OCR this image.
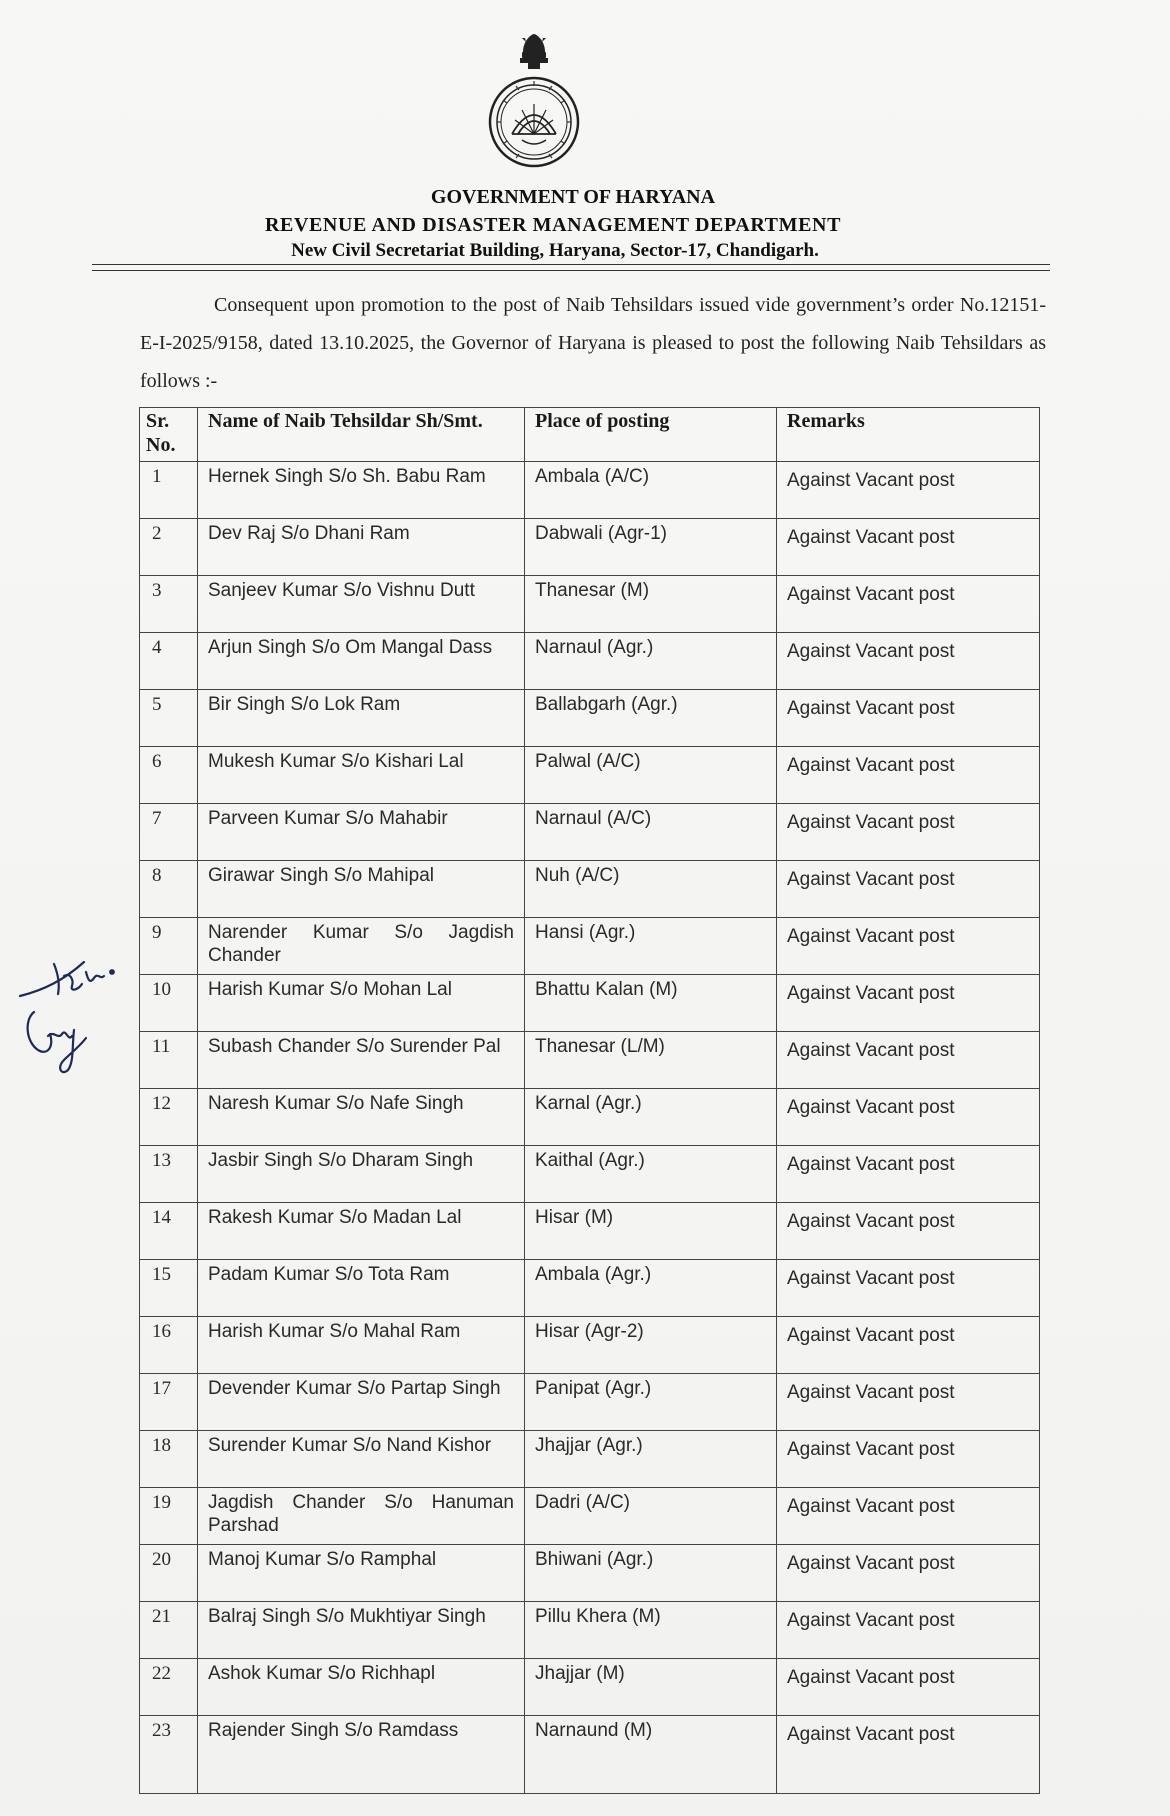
GOVERNMENT OF HARYANA
REVENUE AND DISASTER MANAGEMENT DEPARTMENT
New Civil Secretariat Building, Haryana, Sector-17, Chandigarh.
Consequent upon promotion to the post of Naib Tehsildars issued vide government’s order No.12151-E-I-2025/9158, dated 13.10.2025, the Governor of Haryana is pleased to post the following Naib Tehsildars as follows :-
Sr. No.	Name of Naib Tehsildar Sh/Smt.	Place of posting	Remarks
1	Hernek Singh S/o Sh. Babu Ram	Ambala (A/C)	Against Vacant post
2	Dev Raj S/o Dhani Ram	Dabwali (Agr-1)	Against Vacant post
3	Sanjeev Kumar S/o Vishnu Dutt	Thanesar (M)	Against Vacant post
4	Arjun Singh S/o Om Mangal Dass	Narnaul (Agr.)	Against Vacant post
5	Bir Singh S/o Lok Ram	Ballabgarh (Agr.)	Against Vacant post
6	Mukesh Kumar S/o Kishari Lal	Palwal (A/C)	Against Vacant post
7	Parveen Kumar S/o Mahabir	Narnaul (A/C)	Against Vacant post
8	Girawar Singh S/o Mahipal	Nuh (A/C)	Against Vacant post
9	Narender Kumar S/o Jagdish Chander	Hansi (Agr.)	Against Vacant post
10	Harish Kumar S/o Mohan Lal	Bhattu Kalan (M)	Against Vacant post
11	Subash Chander S/o Surender Pal	Thanesar (L/M)	Against Vacant post
12	Naresh Kumar S/o Nafe Singh	Karnal (Agr.)	Against Vacant post
13	Jasbir Singh S/o Dharam Singh	Kaithal (Agr.)	Against Vacant post
14	Rakesh Kumar S/o Madan Lal	Hisar (M)	Against Vacant post
15	Padam Kumar S/o Tota Ram	Ambala (Agr.)	Against Vacant post
16	Harish Kumar S/o Mahal Ram	Hisar (Agr-2)	Against Vacant post
17	Devender Kumar S/o Partap Singh	Panipat (Agr.)	Against Vacant post
18	Surender Kumar S/o Nand Kishor	Jhajjar (Agr.)	Against Vacant post
19	Jagdish Chander S/o Hanuman Parshad	Dadri (A/C)	Against Vacant post
20	Manoj Kumar S/o Ramphal	Bhiwani (Agr.)	Against Vacant post
21	Balraj Singh S/o Mukhtiyar Singh	Pillu Khera (M)	Against Vacant post
22	Ashok Kumar S/o Richhapl	Jhajjar (M)	Against Vacant post
23	Rajender Singh S/o Ramdass	Narnaund (M)	Against Vacant post
